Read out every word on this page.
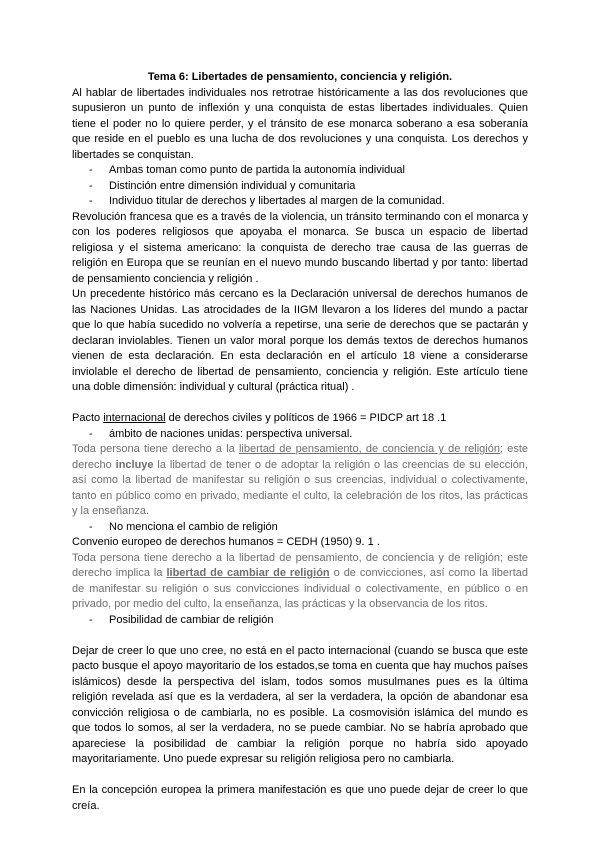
Tema 6: Libertades de pensamiento, conciencia y religión.

Al hablar de libertades individuales nos retrotrae históricamente a las dos revoluciones que supusieron un punto de inflexión y una conquista de estas libertades individuales. Quien tiene el poder no lo quiere perder, y el tránsito de ese monarca soberano a esa soberanía que reside en el pueblo es una lucha de dos revoluciones y una conquista. Los derechos y libertades se conquistan.

- Ambas toman como punto de partida la autonomía individual
- Distinción entre dimensión individual y comunitaria
- Individuo titular de derechos y libertades al margen de la comunidad.

Revolución francesa que es a través de la violencia, un tránsito terminando con el monarca y con los poderes religiosos que apoyaba el monarca. Se busca un espacio de libertad religiosa y el sistema americano: la conquista de derecho trae causa de las guerras de religión en Europa que se reunían en el nuevo mundo buscando libertad y por tanto: libertad de pensamiento conciencia y religión .

Un precedente histórico más cercano es la Declaración universal de derechos humanos de las Naciones Unidas. Las atrocidades de la IIGM llevaron a los líderes del mundo a pactar que lo que había sucedido no volvería a repetirse, una serie de derechos que se pactarán y declaran inviolables. Tienen un valor moral porque los demás textos de derechos humanos vienen de esta declaración. En esta declaración en el artículo 18 viene a considerarse inviolable el derecho de libertad de pensamiento, conciencia y religión. Este artículo tiene una doble dimensión: individual y cultural (práctica ritual) .

Pacto internacional de derechos civiles y políticos de 1966 = PIDCP art 18 .1

- ámbito de naciones unidas: perspectiva universal.

Toda persona tiene derecho a la libertad de pensamiento, de conciencia y de religión; este derecho incluye la libertad de tener o de adoptar la religión o las creencias de su elección, así como la libertad de manifestar su religión o sus creencias, individual o colectivamente, tanto en público como en privado, mediante el culto, la celebración de los ritos, las prácticas y la enseñanza.

- No menciona el cambio de religión

Convenio europeo de derechos humanos = CEDH (1950) 9. 1 .

Toda persona tiene derecho a la libertad de pensamiento, de conciencia y de religión; este derecho implica la libertad de cambiar de religión o de convicciones, así como la libertad de manifestar su religión o sus convicciones individual o colectivamente, en público o en privado, por medio del culto, la enseñanza, las prácticas y la observancia de los ritos.

- Posibilidad de cambiar de religión

Dejar de creer lo que uno cree, no está en el pacto internacional (cuando se busca que este pacto busque el apoyo mayoritario de los estados,se toma en cuenta que hay muchos países islámicos) desde la perspectiva del islam, todos somos musulmanes pues es la última religión revelada así que es la verdadera, al ser la verdadera, la opción de abandonar esa convicción religiosa o de cambiarla, no es posible. La cosmovisión islámica del mundo es que todos lo somos, al ser la verdadera, no se puede cambiar. No se habría aprobado que apareciese la posibilidad de cambiar la religión porque no habría sido apoyado mayoritariamente. Uno puede expresar su religión religiosa pero no cambiarla.

En la concepción europea la primera manifestación es que uno puede dejar de creer lo que creía.
